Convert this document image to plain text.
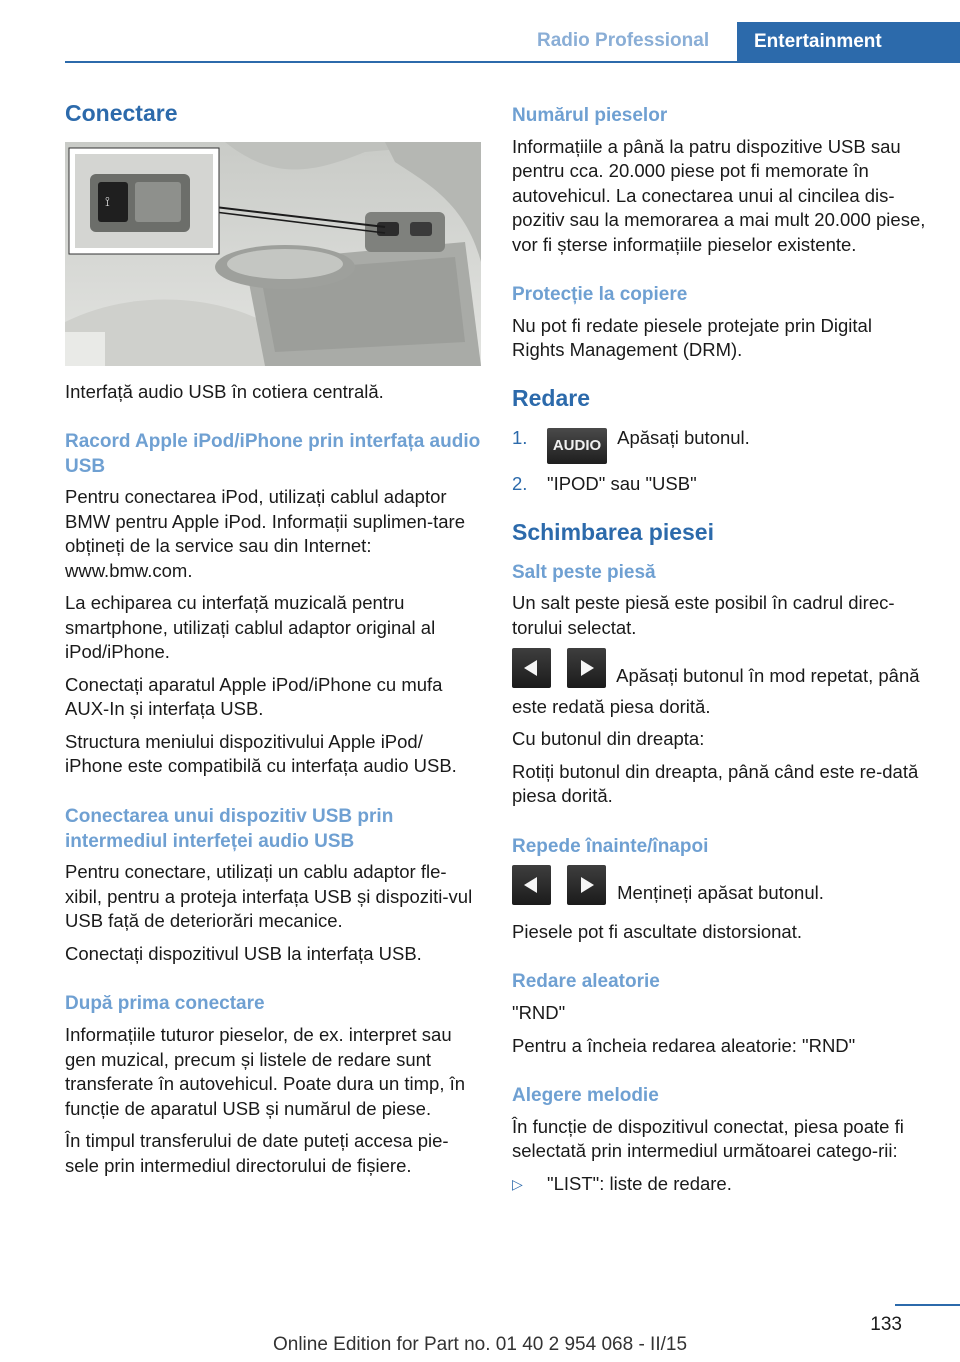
Radio Professional	Entertainment
Conectare
⟟

Interfață audio USB în cotiera centrală.

Racord Apple iPod/iPhone prin interfața audio USB

Pentru conectarea iPod, utilizați cablul adaptor BMW pentru Apple iPod. Informații suplimen‐tare obțineți de la service sau din Internet: www.bmw.com.

La echiparea cu interfață muzicală pentru smartphone, utilizați cablul adaptor original al iPod/iPhone.

Conectați aparatul Apple iPod/iPhone cu mufa AUX-In și interfața USB.

Structura meniului dispozitivului Apple iPod/ iPhone este compatibilă cu interfața audio USB.

Conectarea unui dispozitiv USB prin intermediul interfeței audio USB

Pentru conectare, utilizați un cablu adaptor fle‐xibil, pentru a proteja interfața USB și dispoziti‐vul USB față de deteriorări mecanice.

Conectați dispozitivul USB la interfața USB.

După prima conectare

Informațiile tuturor pieselor, de ex. interpret sau gen muzical, precum și listele de redare sunt transferate în autovehicul. Poate dura un timp, în funcție de aparatul USB și numărul de piese.

În timpul transferului de date puteți accesa pie‐sele prin intermediul directorului de fișiere.

Numărul pieselor

Informațiile a până la patru dispozitive USB sau pentru cca. 20.000 piese pot fi memorate în autovehicul. La conectarea unui al cincilea dis‐pozitiv sau la memorarea a mai mult 20.000 piese, vor fi șterse informațiile pieselor existente.

Protecție la copiere

Nu pot fi redate piesele protejate prin Digital Rights Management (DRM).

Redare
1. AUDIO Apăsați butonul.
2. "IPOD" sau "USB"
Schimbarea piesei
Salt peste piesă

Un salt peste piesă este posibil în cadrul direc‐torului selectat.

Apăsați butonul în mod repetat, până este redată piesa dorită.

Cu butonul din dreapta:

Rotiți butonul din dreapta, până când este re‐dată piesa dorită.

Repede înainte/înapoi

Mențineți apăsat butonul.

Piesele pot fi ascultate distorsionat.

Redare aleatorie

"RND"

Pentru a încheia redarea aleatorie: "RND"

Alegere melodie

În funcție de dispozitivul conectat, piesa poate fi selectată prin intermediul următoarei catego‐rii:

▷ "LIST": liste de redare.
133
Online Edition for Part no. 01 40 2 954 068 - II/15
